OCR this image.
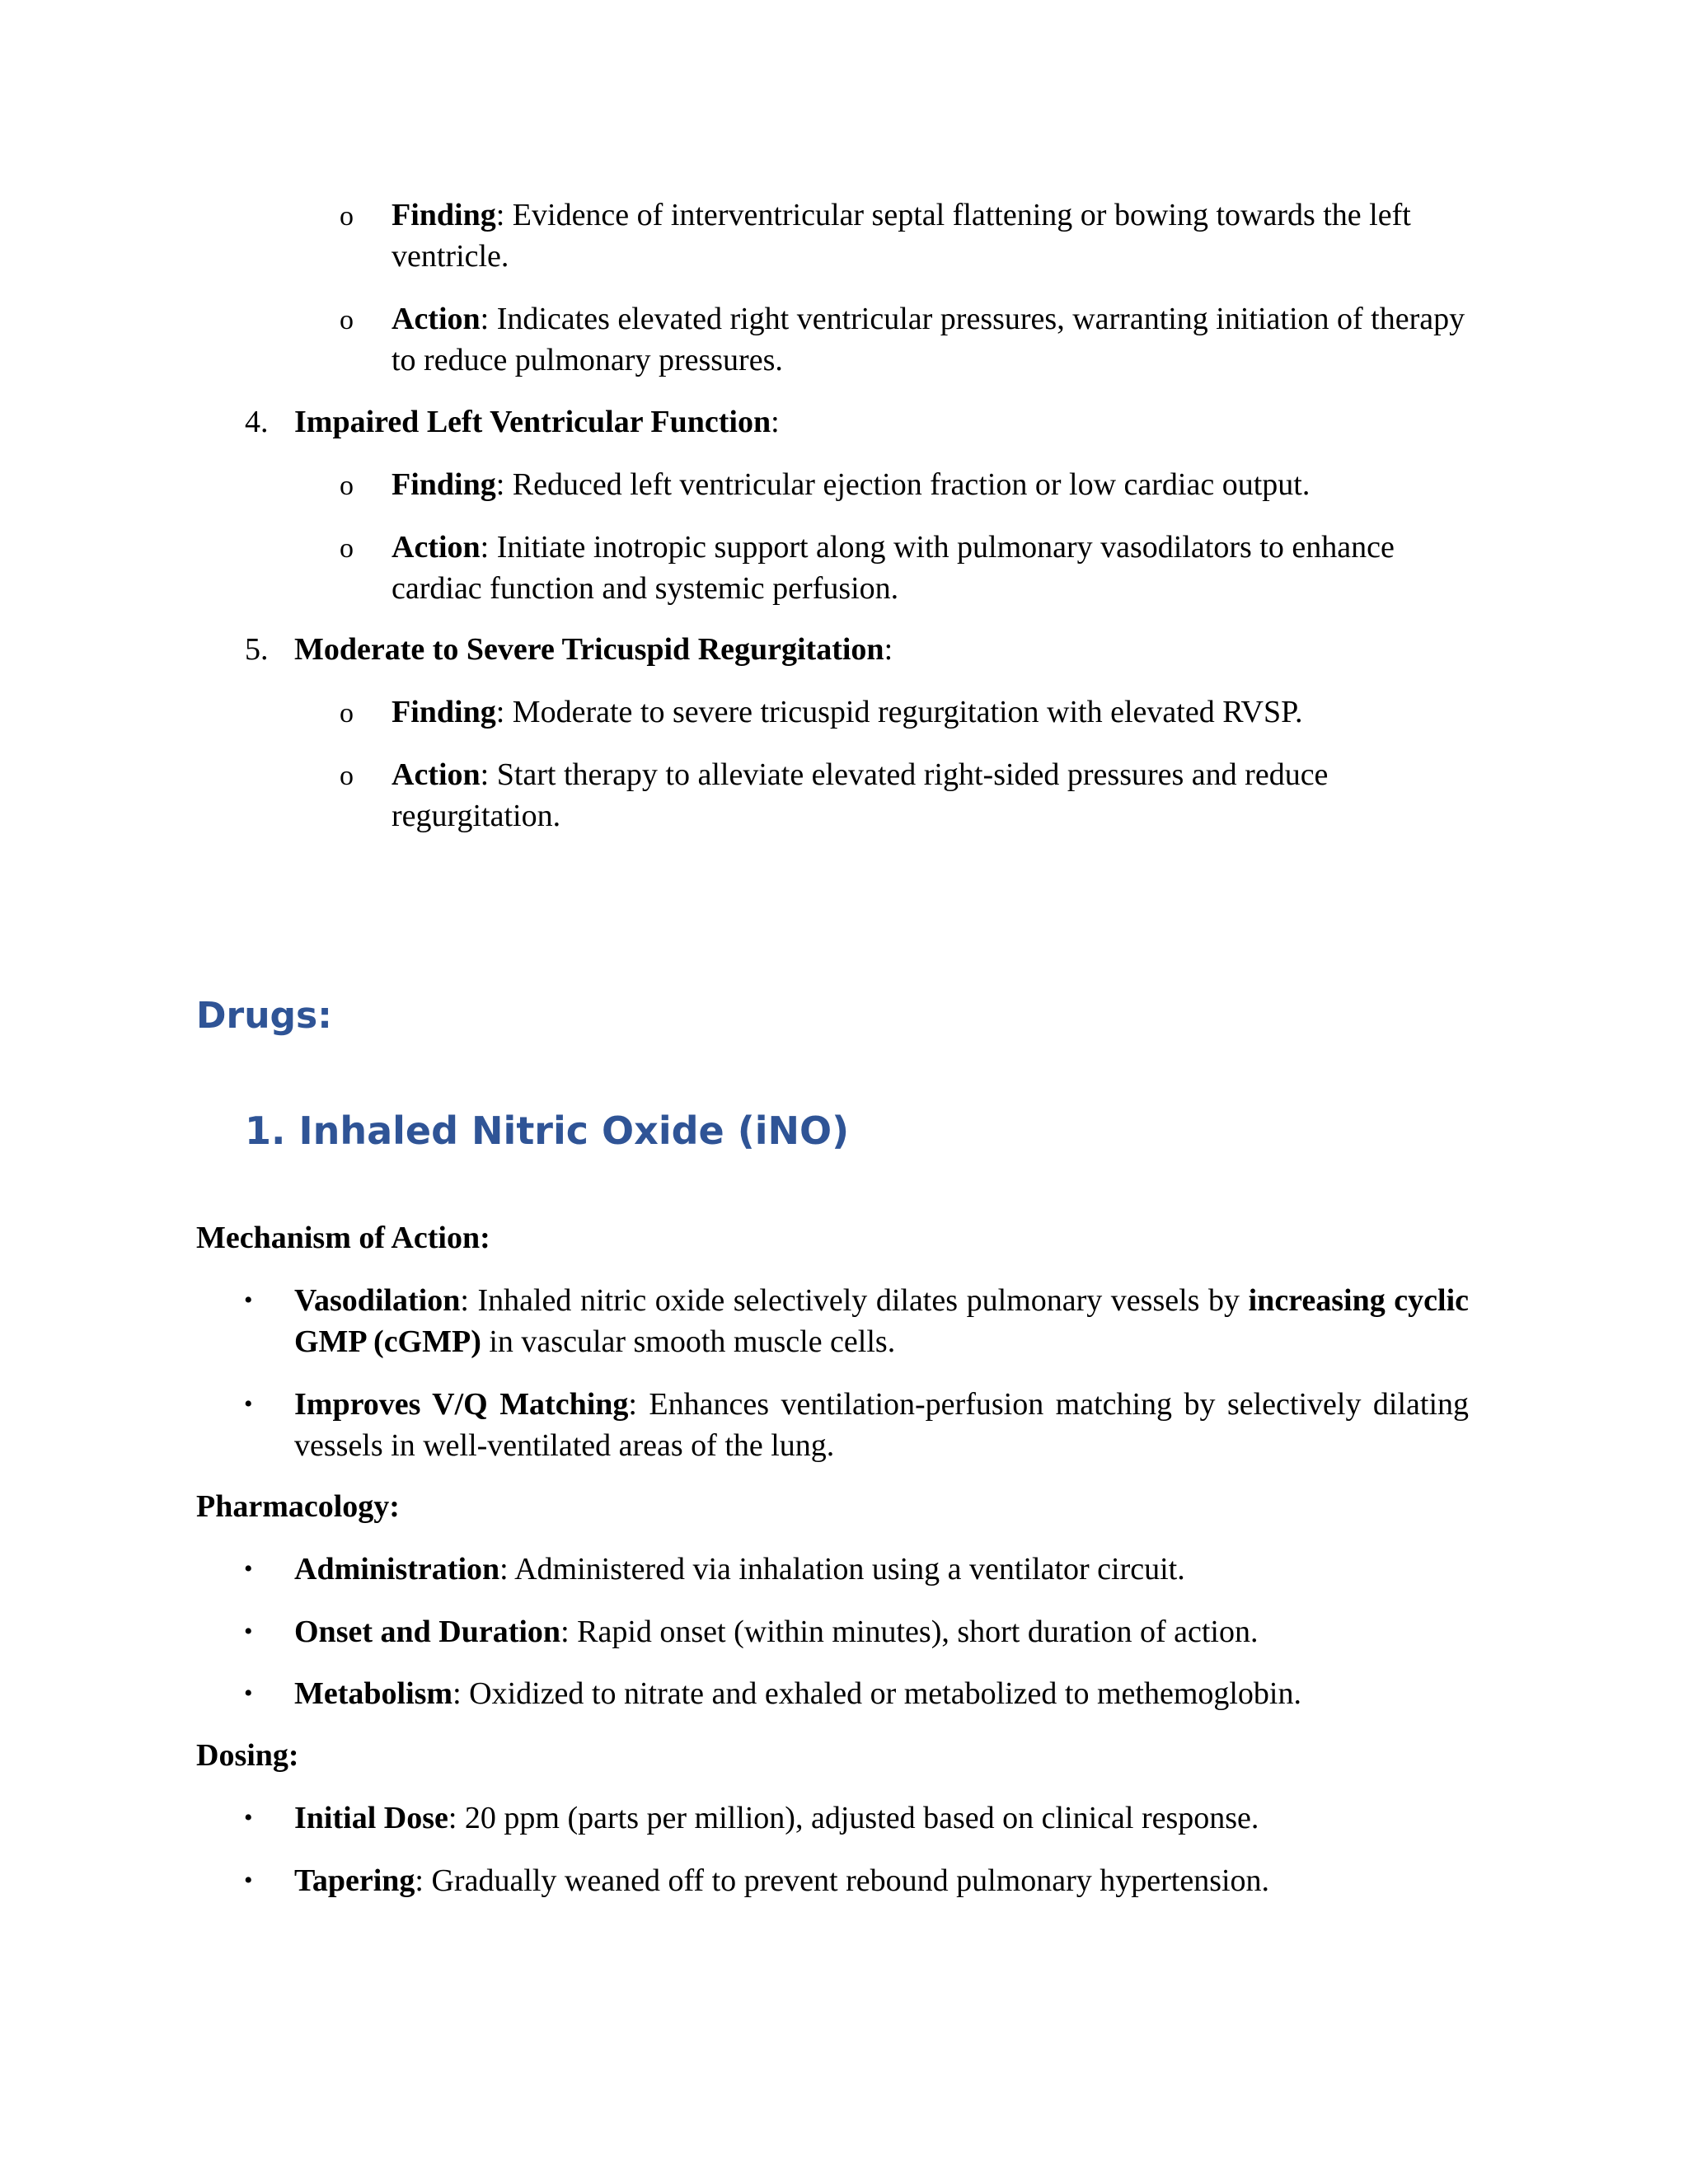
o Finding: Evidence of interventricular septal flattening or bowing towards the left ventricle.
o Action: Indicates elevated right ventricular pressures, warranting initiation of therapy to reduce pulmonary pressures.
4. Impaired Left Ventricular Function:
o Finding: Reduced left ventricular ejection fraction or low cardiac output.
o Action: Initiate inotropic support along with pulmonary vasodilators to enhance cardiac function and systemic perfusion.
5. Moderate to Severe Tricuspid Regurgitation:
o Finding: Moderate to severe tricuspid regurgitation with elevated RVSP.
o Action: Start therapy to alleviate elevated right-sided pressures and reduce regurgitation.
Drugs:
1. Inhaled Nitric Oxide (iNO)
Mechanism of Action:
• Vasodilation: Inhaled nitric oxide selectively dilates pulmonary vessels by increasing cyclic GMP (cGMP) in vascular smooth muscle cells.
• Improves V/Q Matching: Enhances ventilation-perfusion matching by selectively dilating vessels in well-ventilated areas of the lung.
Pharmacology:
• Administration: Administered via inhalation using a ventilator circuit.
• Onset and Duration: Rapid onset (within minutes), short duration of action.
• Metabolism: Oxidized to nitrate and exhaled or metabolized to methemoglobin.
Dosing:
• Initial Dose: 20 ppm (parts per million), adjusted based on clinical response.
• Tapering: Gradually weaned off to prevent rebound pulmonary hypertension.
